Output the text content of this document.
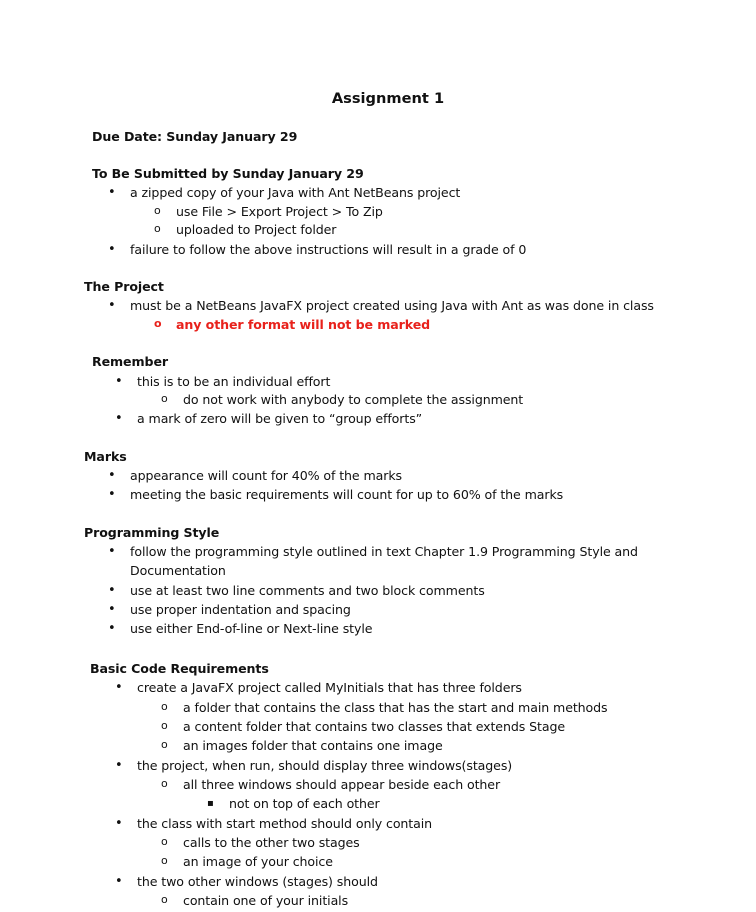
Assignment 1
Due Date: Sunday January 29
To Be Submitted by Sunday January 29
• a zipped copy of your Java with Ant NetBeans project
o use File > Export Project > To Zip
o uploaded to Project folder
• failure to follow the above instructions will result in a grade of 0
The Project
• must be a NetBeans JavaFX project created using Java with Ant as was done in class
o any other format will not be marked
Remember
• this is to be an individual effort
o do not work with anybody to complete the assignment
• a mark of zero will be given to “group efforts”
Marks
• appearance will count for 40% of the marks
• meeting the basic requirements will count for up to 60% of the marks
Programming Style
• follow the programming style outlined in text Chapter 1.9 Programming Style and
Documentation
• use at least two line comments and two block comments
• use proper indentation and spacing
• use either End-of-line or Next-line style
Basic Code Requirements
• create a JavaFX project called MyInitials that has three folders
o a folder that contains the class that has the start and main methods
o a content folder that contains two classes that extends Stage
o an images folder that contains one image
• the project, when run, should display three windows(stages)
o all three windows should appear beside each other
▪ not on top of each other
• the class with start method should only contain
o calls to the other two stages
o an image of your choice
• the two other windows (stages) should
o contain one of your initials
